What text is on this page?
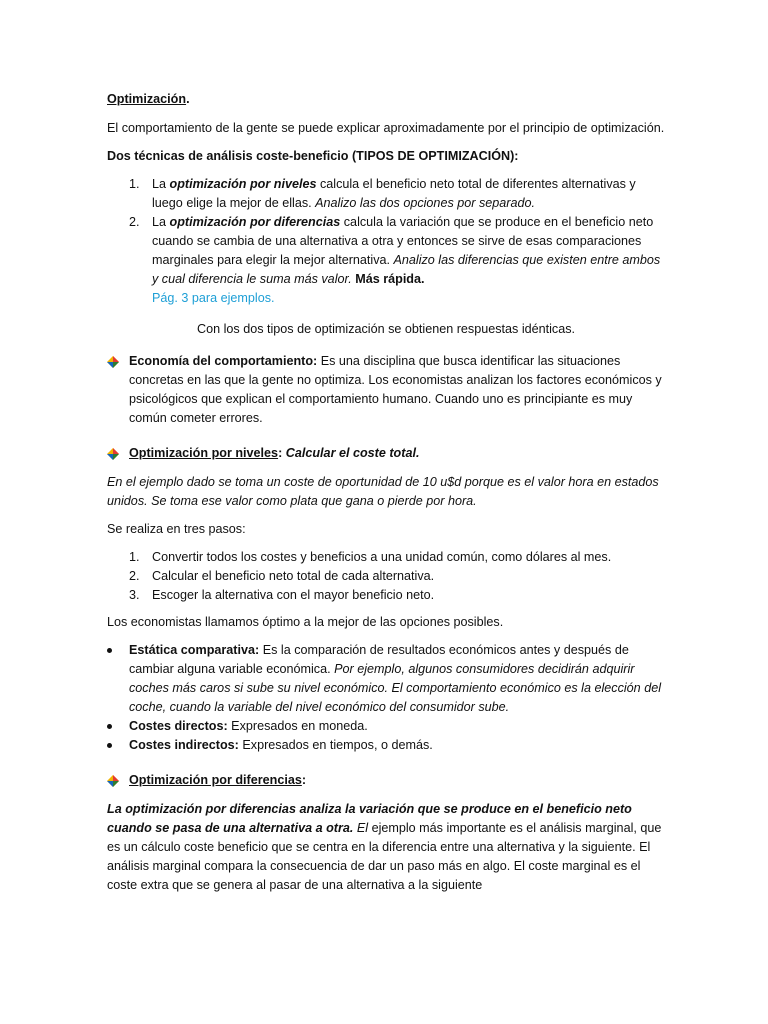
Optimización.

El comportamiento de la gente se puede explicar aproximadamente por el principio de optimización.

Dos técnicas de análisis coste-beneficio (TIPOS DE OPTIMIZACIÓN):

1. La optimización por niveles calcula el beneficio neto total de diferentes alternativas y luego elige la mejor de ellas. Analizo las dos opciones por separado.
2. La optimización por diferencias calcula la variación que se produce en el beneficio neto cuando se cambia de una alternativa a otra y entonces se sirve de esas comparaciones marginales para elegir la mejor alternativa. Analizo las diferencias que existen entre ambos y cual diferencia le suma más valor. Más rápida.
Pág. 3 para ejemplos.

Con los dos tipos de optimización se obtienen respuestas idénticas.

Economía del comportamiento: Es una disciplina que busca identificar las situaciones concretas en las que la gente no optimiza. Los economistas analizan los factores económicos y psicológicos que explican el comportamiento humano. Cuando uno es principiante es muy común cometer errores.

Optimización por niveles: Calcular el coste total.

En el ejemplo dado se toma un coste de oportunidad de 10 u$d porque es el valor hora en estados unidos. Se toma ese valor como plata que gana o pierde por hora.

Se realiza en tres pasos:

1. Convertir todos los costes y beneficios a una unidad común, como dólares al mes.
2. Calcular el beneficio neto total de cada alternativa.
3. Escoger la alternativa con el mayor beneficio neto.

Los economistas llamamos óptimo a la mejor de las opciones posibles.

Estática comparativa: Es la comparación de resultados económicos antes y después de cambiar alguna variable económica. Por ejemplo, algunos consumidores decidirán adquirir coches más caros si sube su nivel económico. El comportamiento económico es la elección del coche, cuando la variable del nivel económico del consumidor sube.
Costes directos: Expresados en moneda.
Costes indirectos: Expresados en tiempos, o demás.

Optimización por diferencias:

La optimización por diferencias analiza la variación que se produce en el beneficio neto cuando se pasa de una alternativa a otra. El ejemplo más importante es el análisis marginal, que es un cálculo coste beneficio que se centra en la diferencia entre una alternativa y la siguiente. El análisis marginal compara la consecuencia de dar un paso más en algo. El coste marginal es el coste extra que se genera al pasar de una alternativa a la siguiente
